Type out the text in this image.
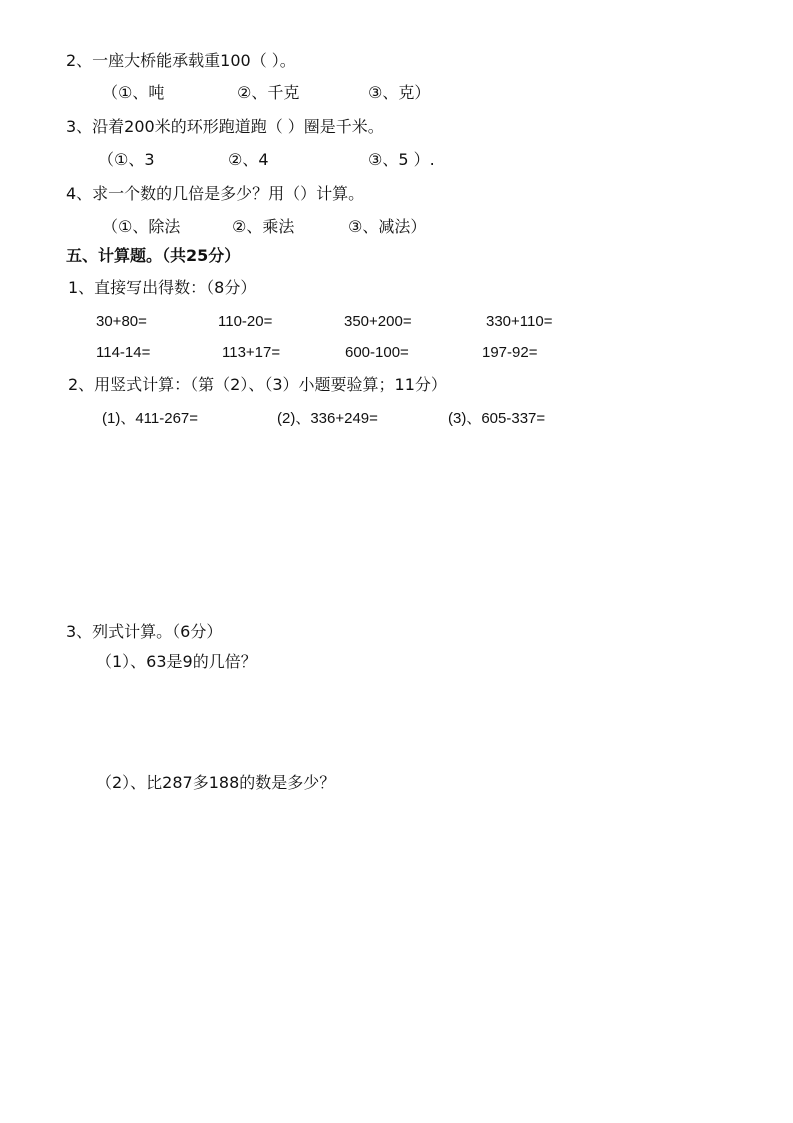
2、一座大桥能承载重100（ ）。
（①、吨	②、千克	③、克）
3、沿着200米的环形跑道跑（ ）圈是千米。
（①、3	②、4	③、5 ）.
4、求一个数的几倍是多少？用（）计算。
（①、除法	②、乘法	③、减法）
五、计算题。（共25分）
1、直接写出得数：（8分）
30+80=	110-20=	350+200=	330+110=
114-14=	113+17=	600-100=	197-92=
2、用竖式计算：（第（2）、（3）小题要验算；11分）
(1)、411-267=	(2)、336+249=	(3)、605-337=
3、列式计算。（6分）
（1）、63是9的几倍？
（2）、比287多188的数是多少？
